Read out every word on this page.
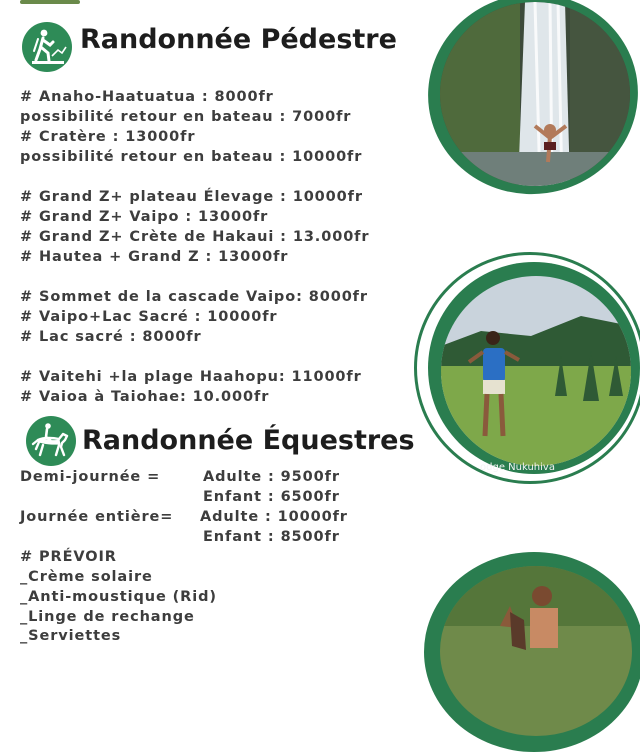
Randonnée Pédestre
# Anaho-Haatuatua : 8000fr
possibilité retour en bateau : 7000fr
# Cratère : 13000fr
possibilité retour en bateau : 10000fr
# Grand Z+ plateau Élevage : 10000fr
# Grand Z+ Vaipo : 13000fr
# Grand Z+ Crète de Hakaui : 13.000fr
# Hautea + Grand Z : 13000fr
# Sommet de la cascade Vaipo: 8000fr
# Vaipo+Lac Sacré : 10000fr
# Lac sacré : 8000fr
# Vaitehi +la plage Haahopu: 11000fr
# Vaioa à Taiohae: 10.000fr
Randonnée Équestres
Demi-journée =	Adulte : 9500fr
Enfant : 6500fr
Journée entière= Adulte : 10000fr
Enfant : 8500fr
# PRÉVOIR
_Crème solaire
_Anti-moustique (Rid)
_Linge de rechange
_Serviettes
odge Nukuhiva
